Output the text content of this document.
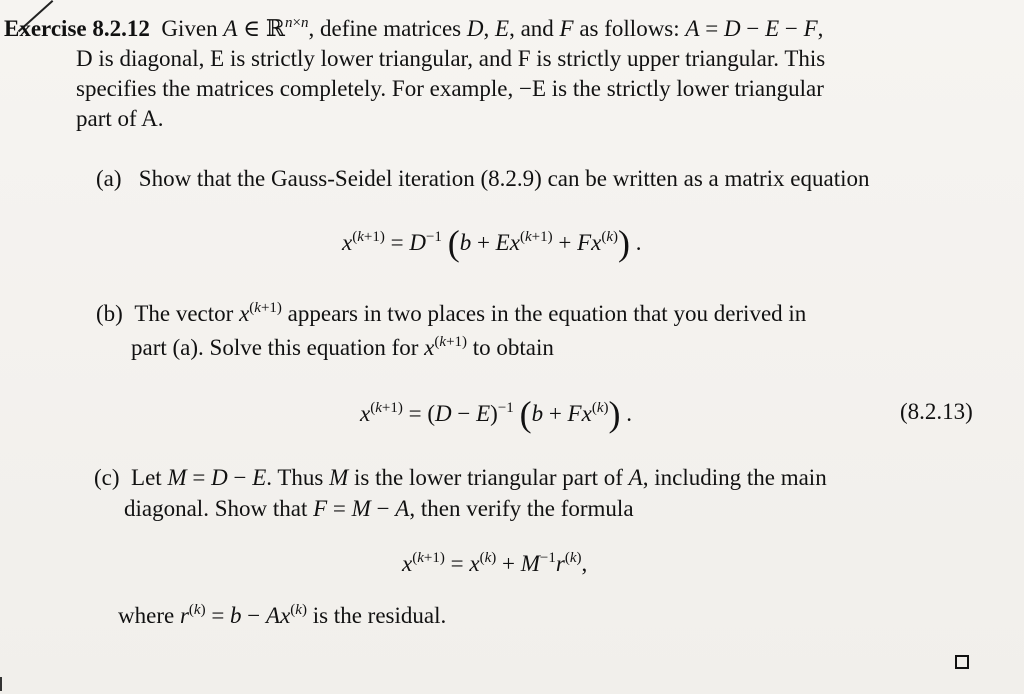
Exercise 8.2.12  Given A ∈ ℝ$^{n\times n}$, define matrices D, E, and F as follows: A = D − E − F,
D is diagonal, E is strictly lower triangular, and F is strictly upper triangular. This
specifies the matrices completely. For example, −E is the strictly lower triangular
part of A.
(a) Show that the Gauss-Seidel iteration (8.2.9) can be written as a matrix equation
$x^{(k+1)} = D^{-1}$ $(b + Ex^{(k+1)} + Fx^{(k)})$ .
(b)  The vector $x^{(k+1)}$ appears in two places in the equation that you derived in
part (a). Solve this equation for $x^{(k+1)}$ to obtain
$x^{(k+1)} = (D - E)^{-1}$ $(b + Fx^{(k)})$ .	(8.2.13)
(c)  Let M = D − E. Thus M is the lower triangular part of A, including the main
diagonal. Show that F = M − A, then verify the formula
$x^{(k+1)} = x^{(k)} + M^{-1}r^{(k)}$,
where $r^{(k)} = b - Ax^{(k)}$ is the residual.
